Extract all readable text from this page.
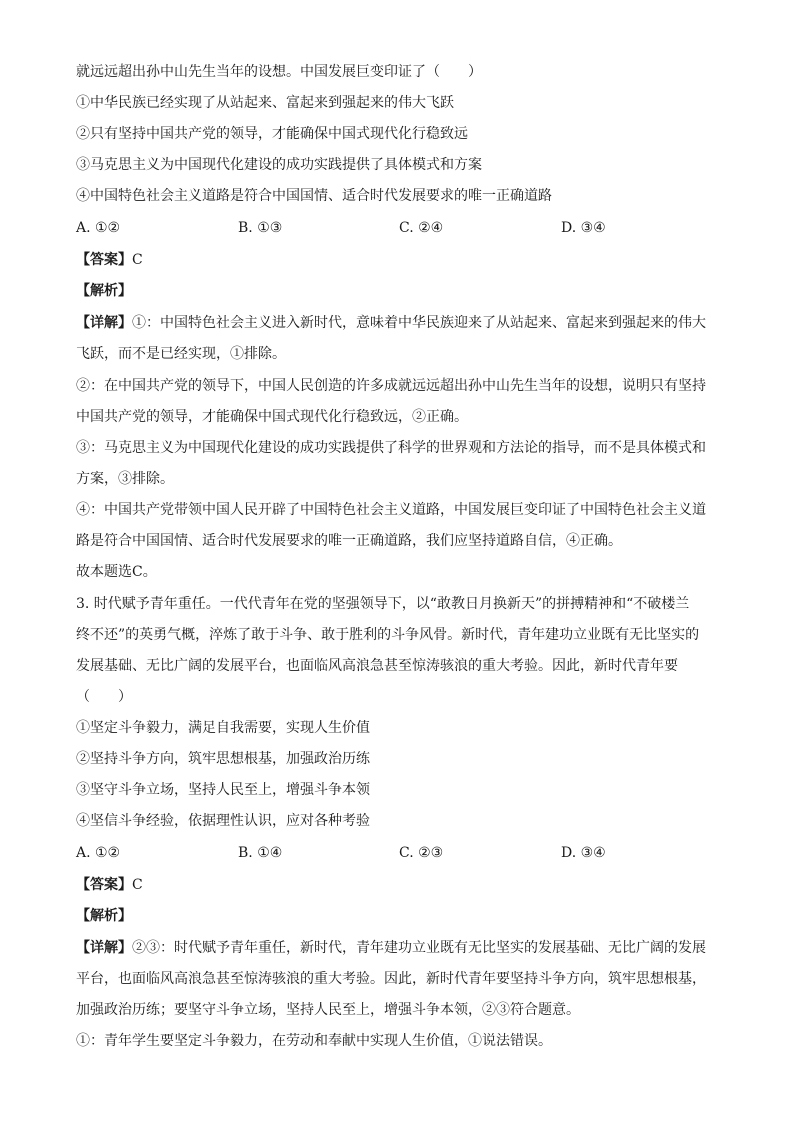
就远远超出孙中山先生当年的设想。中国发展巨变印证了（　　）
①中华民族已经实现了从站起来、富起来到强起来的伟大飞跃
②只有坚持中国共产党的领导，才能确保中国式现代化行稳致远
③马克思主义为中国现代化建设的成功实践提供了具体模式和方案
④中国特色社会主义道路是符合中国国情、适合时代发展要求的唯一正确道路
A. ①②	B. ①③	C. ②④	D. ③④
【答案】C
【解析】
【详解】①：中国特色社会主义进入新时代，意味着中华民族迎来了从站起来、富起来到强起来的伟大
飞跃，而不是已经实现，①排除。
②：在中国共产党的领导下，中国人民创造的许多成就远远超出孙中山先生当年的设想，说明只有坚持
中国共产党的领导，才能确保中国式现代化行稳致远，②正确。
③：马克思主义为中国现代化建设的成功实践提供了科学的世界观和方法论的指导，而不是具体模式和
方案，③排除。
④：中国共产党带领中国人民开辟了中国特色社会主义道路，中国发展巨变印证了中国特色社会主义道
路是符合中国国情、适合时代发展要求的唯一正确道路，我们应坚持道路自信，④正确。
故本题选C。
3. 时代赋予青年重任。一代代青年在党的坚强领导下，以“敢教日月换新天”的拼搏精神和“不破楼兰
终不还”的英勇气概，淬炼了敢于斗争、敢于胜利的斗争风骨。新时代，青年建功立业既有无比坚实的
发展基础、无比广阔的发展平台，也面临风高浪急甚至惊涛骇浪的重大考验。因此，新时代青年要
（　　）
①坚定斗争毅力，满足自我需要，实现人生价值
②坚持斗争方向，筑牢思想根基，加强政治历练
③坚守斗争立场，坚持人民至上，增强斗争本领
④坚信斗争经验，依据理性认识，应对各种考验
A. ①②	B. ①④	C. ②③	D. ③④
【答案】C
【解析】
【详解】②③：时代赋予青年重任，新时代，青年建功立业既有无比坚实的发展基础、无比广阔的发展
平台，也面临风高浪急甚至惊涛骇浪的重大考验。因此，新时代青年要坚持斗争方向，筑牢思想根基，
加强政治历练；要坚守斗争立场，坚持人民至上，增强斗争本领，②③符合题意。
①：青年学生要坚定斗争毅力，在劳动和奉献中实现人生价值，①说法错误。
